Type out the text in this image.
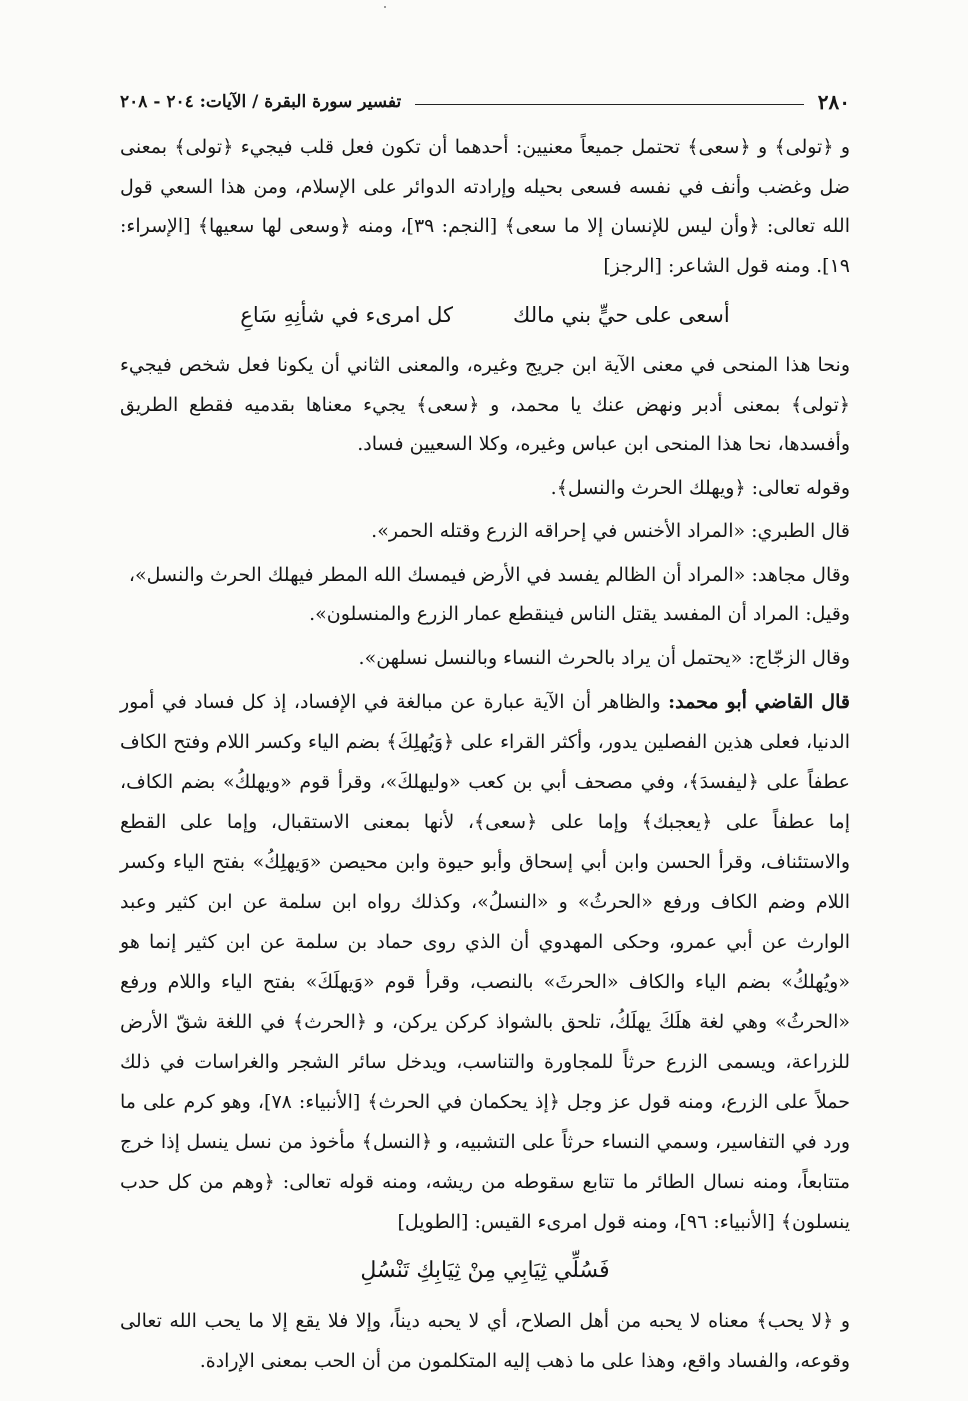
٢٨٠
تفسير سورة البقرة / الآيات: ٢٠٤ - ٢٠٨

و ﴿تولى﴾ و ﴿سعى﴾ تحتمل جميعاً معنيين: أحدهما أن تكون فعل قلب فيجيء ﴿تولى﴾ بمعنى ضل وغضب وأنف في نفسه فسعى بحيله وإرادته الدوائر على الإسلام، ومن هذا السعي قول الله تعالى: ﴿وأن ليس للإنسان إلا ما سعى﴾ [النجم: ٣٩]، ومنه ﴿وسعى لها سعيها﴾ [الإسراء: ١٩]. ومنه قول الشاعر: [الرجز]

أسعى على حيٍّ بني مالك
كل امرىء في شأنِهِ سَاعِ

ونحا هذا المنحى في معنى الآية ابن جريج وغيره، والمعنى الثاني أن يكونا فعل شخص فيجيء ﴿تولى﴾ بمعنى أدبر ونهض عنك يا محمد، و ﴿سعى﴾ يجيء معناها بقدميه فقطع الطريق وأفسدها، نحا هذا المنحى ابن عباس وغيره، وكلا السعيين فساد.

وقوله تعالى: ﴿ويهلك الحرث والنسل﴾.

قال الطبري: «المراد الأخنس في إحراقه الزرع وقتله الحمر».

وقال مجاهد: «المراد أن الظالم يفسد في الأرض فيمسك الله المطر فيهلك الحرث والنسل»،

وقيل: المراد أن المفسد يقتل الناس فينقطع عمار الزرع والمنسلون».

وقال الزجّاج: «يحتمل أن يراد بالحرث النساء وبالنسل نسلهن».

قال القاضي أبو محمد: والظاهر أن الآية عبارة عن مبالغة في الإفساد، إذ كل فساد في أمور الدنيا، فعلى هذين الفصلين يدور، وأكثر القراء على ﴿وَيُهلِكَ﴾ بضم الياء وكسر اللام وفتح الكاف عطفاً على ﴿ليفسدَ﴾، وفي مصحف أبي بن كعب «وليهلكَ»، وقرأ قوم «ويهلكُ» بضم الكاف، إما عطفاً على ﴿يعجبك﴾ وإما على ﴿سعى﴾، لأنها بمعنى الاستقبال، وإما على القطع والاستئناف، وقرأ الحسن وابن أبي إسحاق وأبو حيوة وابن محيصن «وَيهلِكُ» بفتح الياء وكسر اللام وضم الكاف ورفع «الحرثُ» و «النسلُ»، وكذلك رواه ابن سلمة عن ابن كثير وعبد الوارث عن أبي عمرو، وحكى المهدوي أن الذي روى حماد بن سلمة عن ابن كثير إنما هو «ويُهلكُ» بضم الياء والكاف «الحرثَ» بالنصب، وقرأ قوم «وَيهلَكَ» بفتح الياء واللام ورفع «الحرثُ» وهي لغة هلَكَ يهلَكُ، تلحق بالشواذ كركن يركن، و ﴿الحرث﴾ في اللغة شقّ الأرض للزراعة، ويسمى الزرع حرثاً للمجاورة والتناسب، ويدخل سائر الشجر والغراسات في ذلك حملاً على الزرع، ومنه قول عز وجل ﴿إذ يحكمان في الحرث﴾ [الأنبياء: ٧٨]، وهو كرم على ما ورد في التفاسير، وسمي النساء حرثاً على التشبيه، و ﴿النسل﴾ مأخوذ من نسل ينسل إذا خرج متتابعاً، ومنه نسال الطائر ما تتابع سقوطه من ريشه، ومنه قوله تعالى: ﴿وهم من كل حدب ينسلون﴾ [الأنبياء: ٩٦]، ومنه قول امرىء القيس: [الطويل]

فَسُلِّي ثِيَابِي مِنْ ثِيَابِكِ تَنْسُلِ

و ﴿لا يحب﴾ معناه لا يحبه من أهل الصلاح، أي لا يحبه ديناً، وإلا فلا يقع إلا ما يحب الله تعالى وقوعه، والفساد واقع، وهذا على ما ذهب إليه المتكلمون من أن الحب بمعنى الإرادة.
